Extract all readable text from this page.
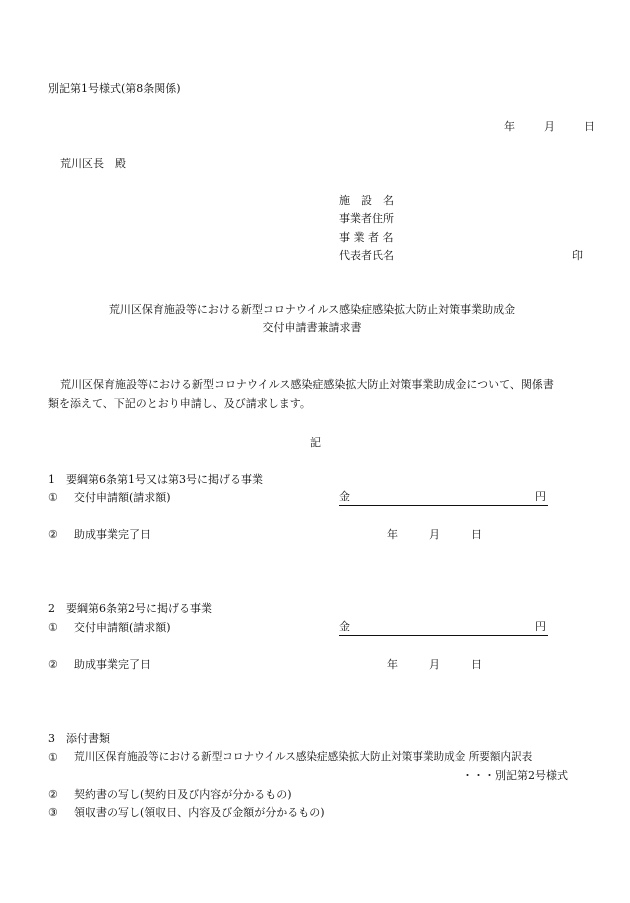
別記第1号様式(第8条関係)
年	月	日
荒川区長　殿
施　設　名
事業者住所
事 業 者 名
代表者氏名	印
荒川区保育施設等における新型コロナウイルス感染症感染拡大防止対策事業助成金
交付申請書兼請求書
荒川区保育施設等における新型コロナウイルス感染症感染拡大防止対策事業助成金について、関係書
類を添えて、下記のとおり申請し、及び請求します。
記
1　要綱第6条第1号又は第3号に掲げる事業
① 交付申請額(請求額)	金	円
② 助成事業完了日	年	月	日
2　要綱第6条第2号に掲げる事業
① 交付申請額(請求額)	金	円
② 助成事業完了日	年	月	日
3　添付書類
① 荒川区保育施設等における新型コロナウイルス感染症感染拡大防止対策事業助成金 所要額内訳表
・・・別記第2号様式
② 契約書の写し(契約日及び内容が分かるもの)
③ 領収書の写し(領収日、内容及び金額が分かるもの)
